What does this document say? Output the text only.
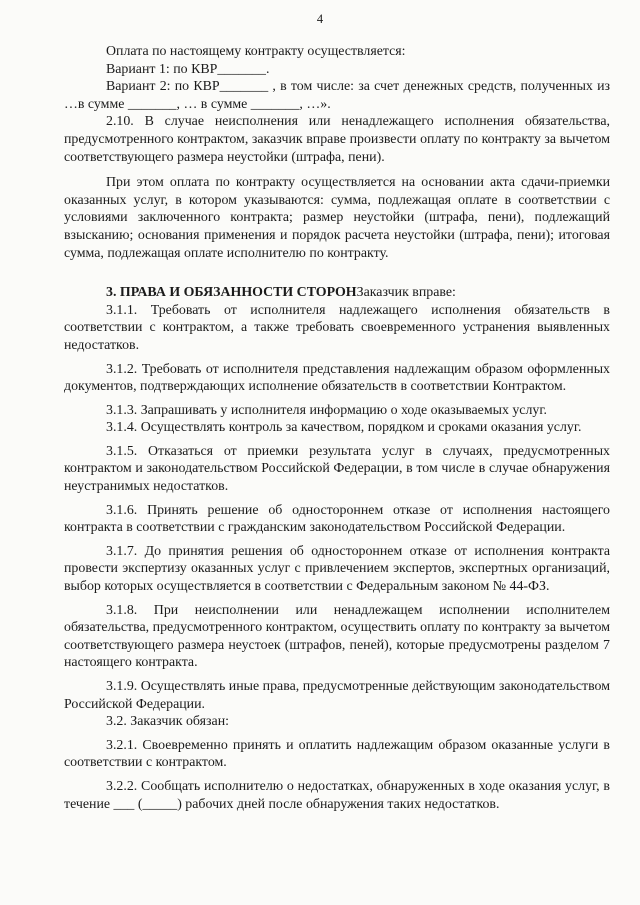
4

Оплата по настоящему контракту осуществляется:

Вариант 1: по КВР_______.

Вариант 2: по КВР_______ , в том числе: за счет денежных средств, полученных из …в сумме _______, … в сумме _______, …».

2.10. В случае неисполнения или ненадлежащего исполнения обязательства, предусмотренного контрактом, заказчик вправе произвести оплату по контракту за вычетом соответствующего размера неустойки (штрафа, пени).

При этом оплата по контракту осуществляется на основании акта сдачи-приемки оказанных услуг, в котором указываются: сумма, подлежащая оплате в соответствии с условиями заключенного контракта; размер неустойки (штрафа, пени), подлежащий взысканию; основания применения и порядок расчета неустойки (штрафа, пени); итоговая сумма, подлежащая оплате исполнителю по контракту.

3. ПРАВА И ОБЯЗАННОСТИ СТОРОНЗаказчик вправе:

3.1.1. Требовать от исполнителя надлежащего исполнения обязательств в соответствии с контрактом, а также требовать своевременного устранения выявленных недостатков.

3.1.2. Требовать от исполнителя представления надлежащим образом оформленных документов, подтверждающих исполнение обязательств в соответствии Контрактом.

3.1.3. Запрашивать у исполнителя информацию о ходе оказываемых услуг.

3.1.4. Осуществлять контроль за качеством, порядком и сроками оказания услуг.

3.1.5. Отказаться от приемки результата услуг в случаях, предусмотренных контрактом и законодательством Российской Федерации, в том числе в случае обнаружения неустранимых недостатков.

3.1.6. Принять решение об одностороннем отказе от исполнения настоящего контракта в соответствии с гражданским законодательством Российской Федерации.

3.1.7. До принятия решения об одностороннем отказе от исполнения контракта провести экспертизу оказанных услуг с привлечением экспертов, экспертных организаций, выбор которых осуществляется в соответствии с Федеральным законом № 44-ФЗ.

3.1.8. При неисполнении или ненадлежащем исполнении исполнителем обязательства, предусмотренного контрактом, осуществить оплату по контракту за вычетом соответствующего размера неустоек (штрафов, пеней), которые предусмотрены разделом 7 настоящего контракта.

3.1.9. Осуществлять иные права, предусмотренные действующим законодательством Российской Федерации.

3.2. Заказчик обязан:

3.2.1. Своевременно принять и оплатить надлежащим образом оказанные услуги в соответствии с контрактом.

3.2.2. Сообщать исполнителю о недостатках, обнаруженных в ходе оказания услуг, в течение ___ (_____) рабочих дней после обнаружения таких недостатков.
